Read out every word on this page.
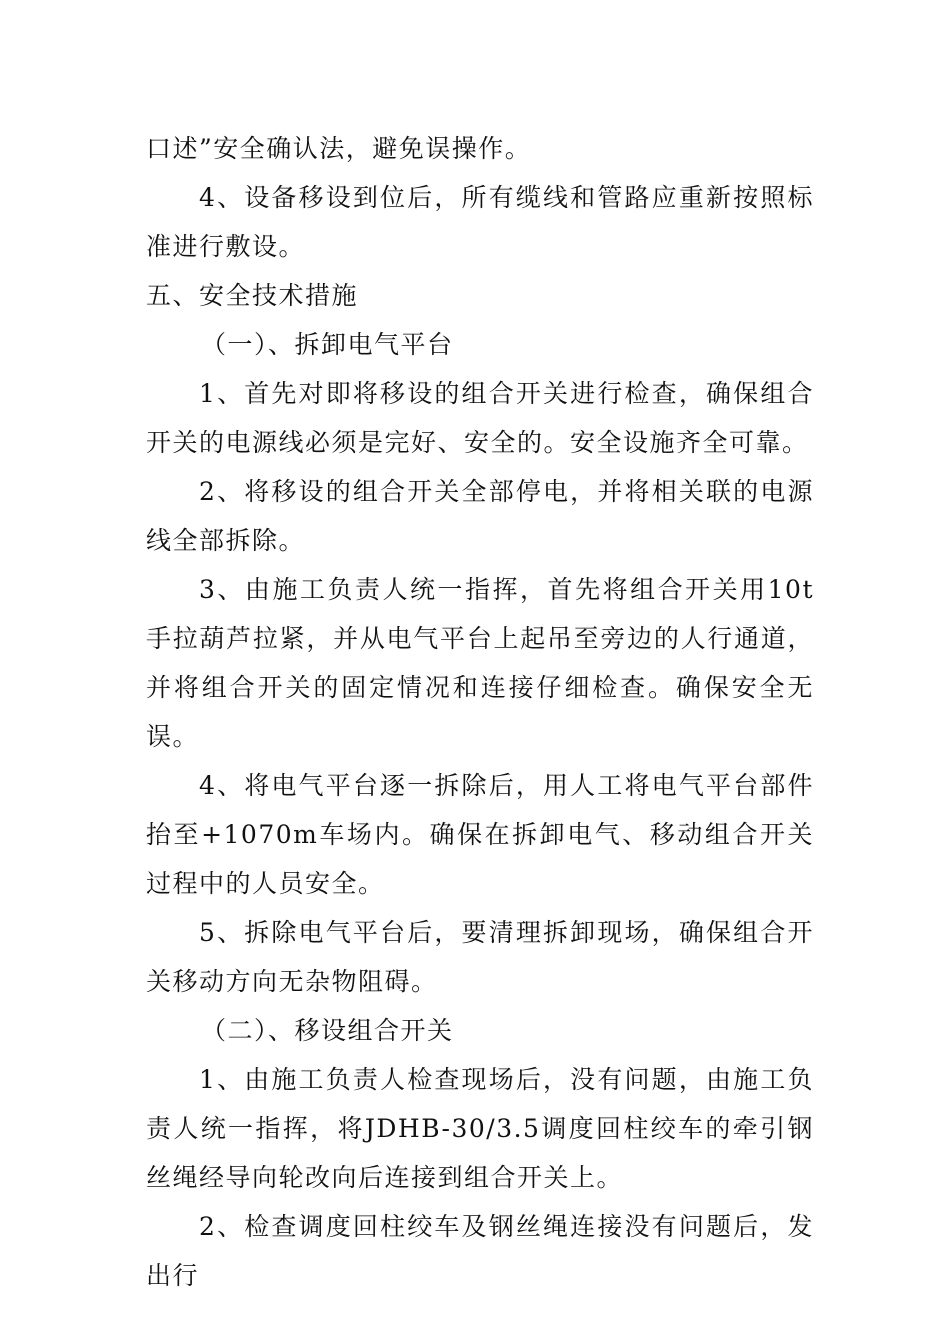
口述”安全确认法，避免误操作。

4、设备移设到位后，所有缆线和管路应重新按照标准进行敷设。

五、安全技术措施

（一）、拆卸电气平台

1、首先对即将移设的组合开关进行检查，确保组合开关的电源线必须是完好、安全的。安全设施齐全可靠。

2、将移设的组合开关全部停电，并将相关联的电源线全部拆除。

3、由施工负责人统一指挥，首先将组合开关用10t手拉葫芦拉紧，并从电气平台上起吊至旁边的人行通道，并将组合开关的固定情况和连接仔细检查。确保安全无误。

4、将电气平台逐一拆除后，用人工将电气平台部件抬至+1070m车场内。确保在拆卸电气、移动组合开关过程中的人员安全。

5、拆除电气平台后，要清理拆卸现场，确保组合开关移动方向无杂物阻碍。

（二）、移设组合开关

1、由施工负责人检查现场后，没有问题，由施工负责人统一指挥，将JDHB-30/3.5调度回柱绞车的牵引钢丝绳经导向轮改向后连接到组合开关上。

2、检查调度回柱绞车及钢丝绳连接没有问题后，发出行
